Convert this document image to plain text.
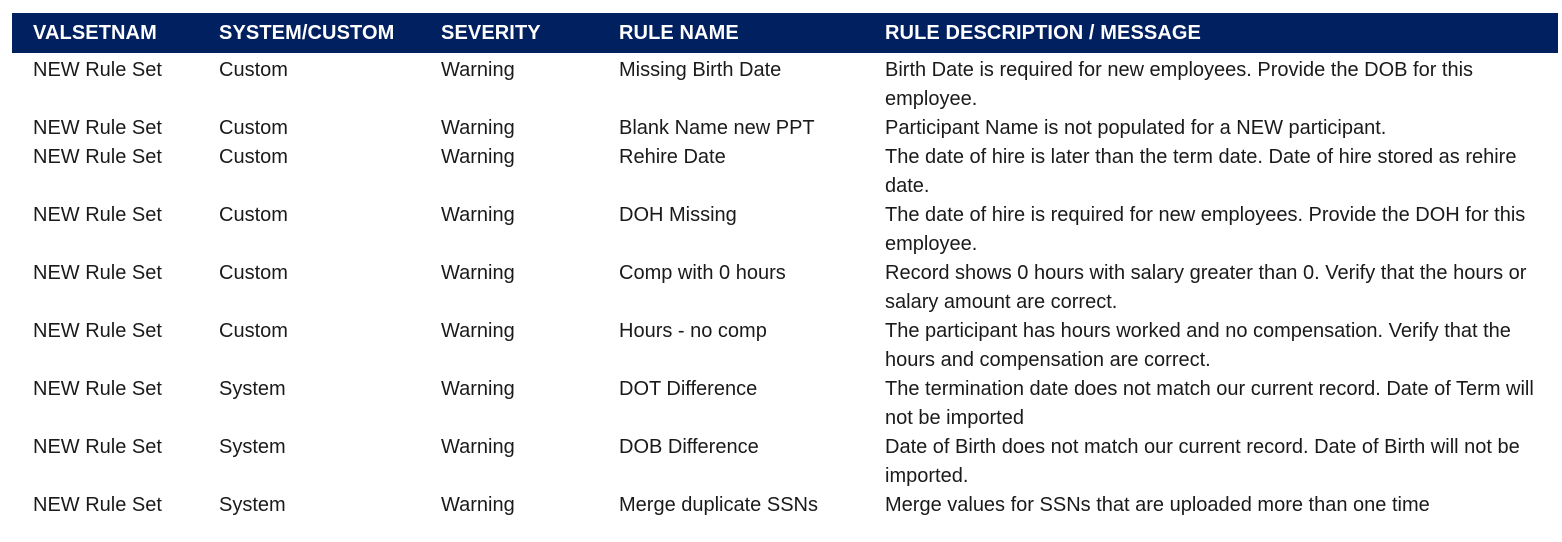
VALSETNAM	SYSTEM/CUSTOM	SEVERITY	RULE NAME	RULE DESCRIPTION / MESSAGE
NEW Rule Set	Custom	Warning	Missing Birth Date	Birth Date is required for new employees. Provide the DOB for this employee.
NEW Rule Set	Custom	Warning	Blank Name new PPT	Participant Name is not populated for a NEW participant.
NEW Rule Set	Custom	Warning	Rehire Date	The date of hire is later than the term date. Date of hire stored as rehire date.
NEW Rule Set	Custom	Warning	DOH Missing	The date of hire is required for new employees. Provide the DOH for this employee.
NEW Rule Set	Custom	Warning	Comp with 0 hours	Record shows 0 hours with salary greater than 0. Verify that the hours or salary amount are correct.
NEW Rule Set	Custom	Warning	Hours - no comp	The participant has hours worked and no compensation. Verify that the hours and compensation are correct.
NEW Rule Set	System	Warning	DOT Difference	The termination date does not match our current record. Date of Term will not be imported
NEW Rule Set	System	Warning	DOB Difference	Date of Birth does not match our current record. Date of Birth will not be imported.
NEW Rule Set	System	Warning	Merge duplicate SSNs	Merge values for SSNs that are uploaded more than one time
